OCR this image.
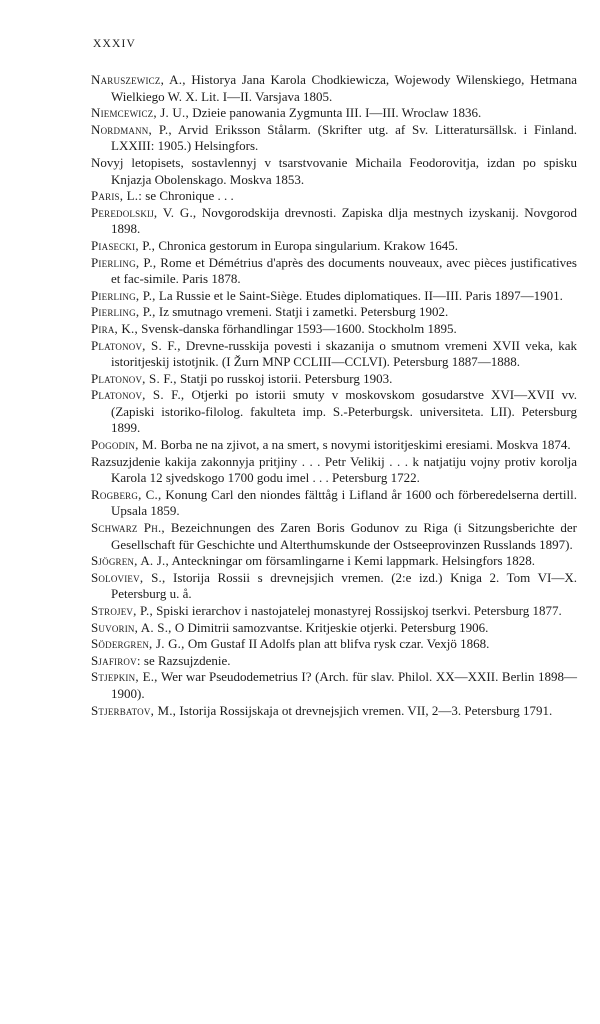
XXXIV
Naruszewicz, A., Historya Jana Karola Chodkiewicza, Wojewody Wilenskiego, Hetmana Wielkiego W. X. Lit. I—II. Varsjava 1805.
Niemcewicz, J. U., Dzieie panowania Zygmunta III. I—III. Wroclaw 1836.
Nordmann, P., Arvid Eriksson Stålarm. (Skrifter utg. af Sv. Litteratursällsk. i Finland. LXXIII: 1905.) Helsingfors.
Novyj letopisets, sostavlennyj v tsarstvovanie Michaila Feodorovitja, izdan po spisku Knjazja Obolenskago. Moskva 1853.
Paris, L.: se Chronique . . .
Peredolskij, V. G., Novgorodskija drevnosti. Zapiska dlja mestnych izyskanij. Novgorod 1898.
Piasecki, P., Chronica gestorum in Europa singularium. Krakow 1645.
Pierling, P., Rome et Démétrius d'après des documents nouveaux, avec pièces justificatives et fac-simile. Paris 1878.
Pierling, P., La Russie et le Saint-Siège. Etudes diplomatiques. II—III. Paris 1897—1901.
Pierling, P., Iz smutnago vremeni. Statji i zametki. Petersburg 1902.
Pira, K., Svensk-danska förhandlingar 1593—1600. Stockholm 1895.
Platonov, S. F., Drevne-russkija povesti i skazanija o smutnom vremeni XVII veka, kak istoritjeskij istotjnik. (I Žurn MNP CCLIII—CCLVI). Petersburg 1887—1888.
Platonov, S. F., Statji po russkoj istorii. Petersburg 1903.
Platonov, S. F., Otjerki po istorii smuty v moskovskom gosudarstve XVI—XVII vv. (Zapiski istoriko-filolog. fakulteta imp. S.-Peterburgsk. universiteta. LII). Petersburg 1899.
Pogodin, M. Borba ne na zjivot, a na smert, s novymi istoritjeskimi eresiami. Moskva 1874.
Razsuzjdenie kakija zakonnyja pritjiny . . . Petr Velikij . . . k natjatiju vojny protiv korolja Karola 12 sjvedskogo 1700 godu imel . . . Petersburg 1722.
Rogberg, C., Konung Carl den niondes fälttåg i Lifland år 1600 och förberedelserna dertill. Upsala 1859.
Schwarz Ph., Bezeichnungen des Zaren Boris Godunov zu Riga (i Sitzungsberichte der Gesellschaft für Geschichte und Alterthumskunde der Ostseeprovinzen Russlands 1897).
Sjögren, A. J., Anteckningar om församlingarne i Kemi lappmark. Helsingfors 1828.
Soloviev, S., Istorija Rossii s drevnejsjich vremen. (2:e izd.) Kniga 2. Tom VI—X. Petersburg u. å.
Strojev, P., Spiski ierarchov i nastojatelej monastyrej Rossijskoj tserkvi. Petersburg 1877.
Suvorin, A. S., O Dimitrii samozvantse. Kritjeskie otjerki. Petersburg 1906.
Södergren, J. G., Om Gustaf II Adolfs plan att blifva rysk czar. Vexjö 1868.
Sjafirov: se Razsujzdenie.
Stjepkin, E., Wer war Pseudodemetrius I? (Arch. für slav. Philol. XX—XXII. Berlin 1898—1900).
Stjerbatov, M., Istorija Rossijskaja ot drevnejsjich vremen. VII, 2—3. Petersburg 1791.
